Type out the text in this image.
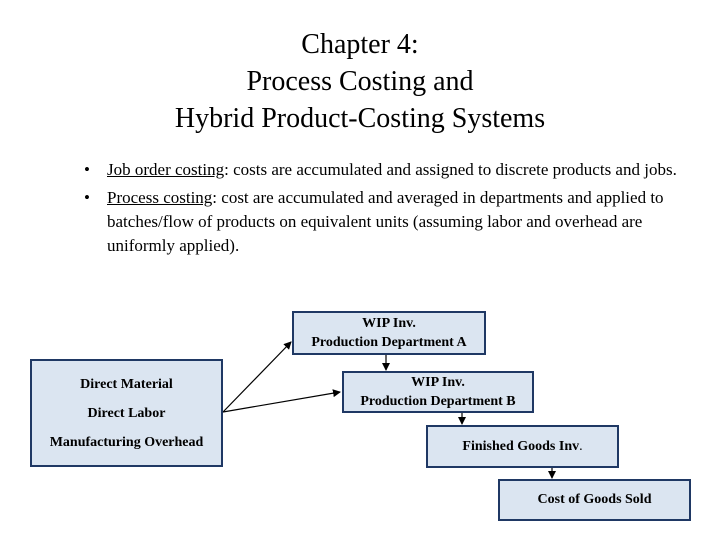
Chapter 4:
Process Costing and
Hybrid Product-Costing Systems
• Job order costing: costs are accumulated and assigned to discrete products and jobs.
• Process costing: cost are accumulated and averaged in departments and applied to batches/flow of products on equivalent units (assuming labor and overhead are uniformly applied).
Direct Material
Direct Labor
Manufacturing Overhead
WIP Inv.
Production Department A
WIP Inv.
Production Department B
Finished Goods Inv.
Cost of Goods Sold
